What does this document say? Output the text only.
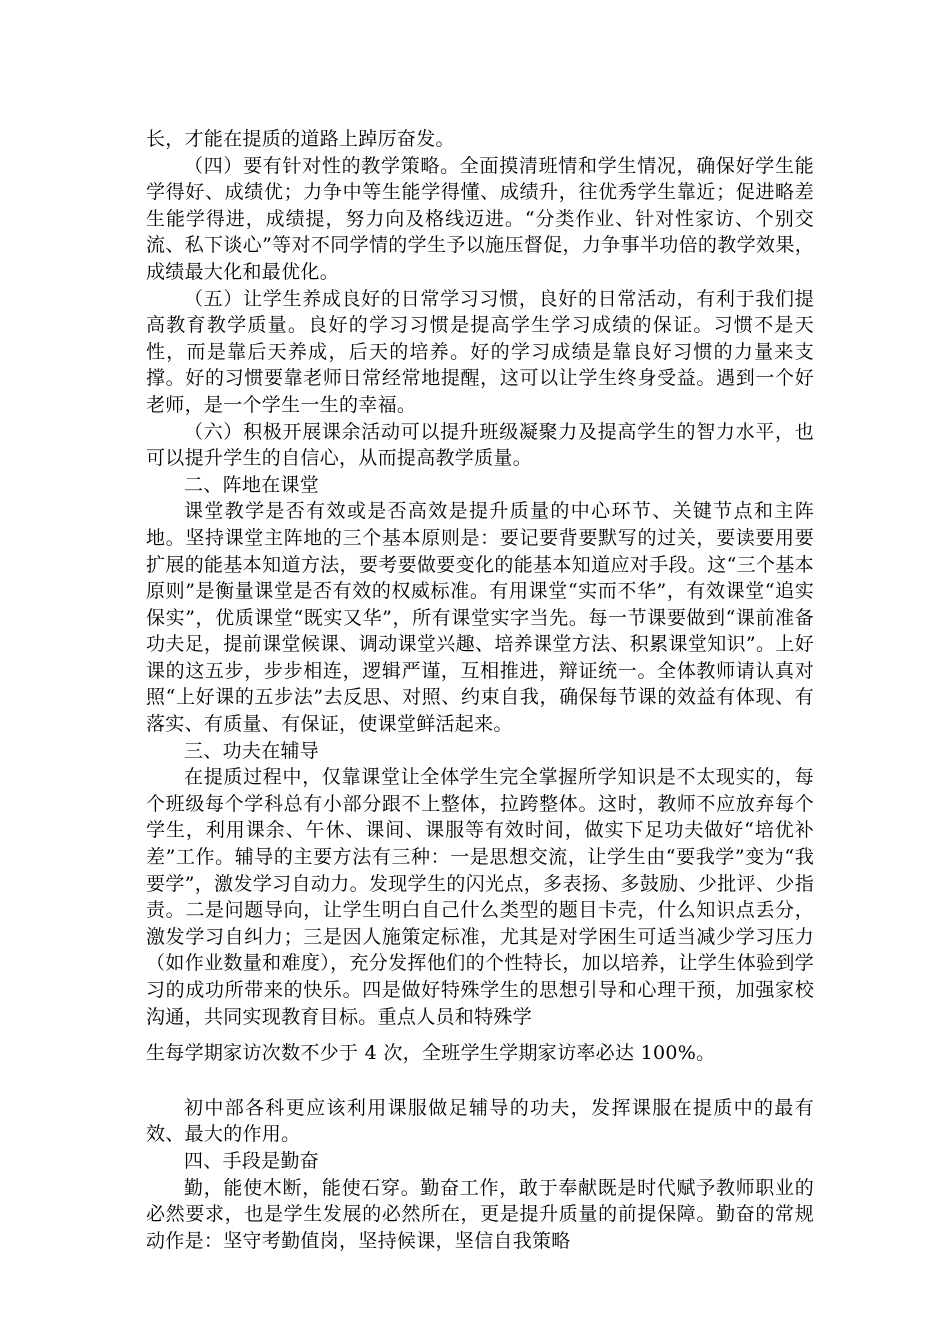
长，才能在提质的道路上踔厉奋发。

（四）要有针对性的教学策略。全面摸清班情和学生情况，确保好学生能学得好、成绩优；力争中等生能学得懂、成绩升，往优秀学生靠近；促进略差生能学得进，成绩提，努力向及格线迈进。“分类作业、针对性家访、个别交流、私下谈心”等对不同学情的学生予以施压督促，力争事半功倍的教学效果，成绩最大化和最优化。

（五）让学生养成良好的日常学习习惯，良好的日常活动，有利于我们提高教育教学质量。良好的学习习惯是提高学生学习成绩的保证。习惯不是天性，而是靠后天养成，后天的培养。好的学习成绩是靠良好习惯的力量来支撑。好的习惯要靠老师日常经常地提醒，这可以让学生终身受益。遇到一个好老师，是一个学生一生的幸福。

（六）积极开展课余活动可以提升班级凝聚力及提高学生的智力水平，也可以提升学生的自信心，从而提高教学质量。

二、阵地在课堂

课堂教学是否有效或是否高效是提升质量的中心环节、关键节点和主阵地。坚持课堂主阵地的三个基本原则是：要记要背要默写的过关，要读要用要扩展的能基本知道方法，要考要做要变化的能基本知道应对手段。这“三个基本原则”是衡量课堂是否有效的权威标准。有用课堂“实而不华”，有效课堂“追实保实”，优质课堂“既实又华”，所有课堂实字当先。每一节课要做到“课前准备功夫足，提前课堂候课、调动课堂兴趣、培养课堂方法、积累课堂知识”。上好课的这五步，步步相连，逻辑严谨，互相推进，辩证统一。全体教师请认真对照“上好课的五步法”去反思、对照、约束自我，确保每节课的效益有体现、有落实、有质量、有保证，使课堂鲜活起来。

三、功夫在辅导

在提质过程中，仅靠课堂让全体学生完全掌握所学知识是不太现实的，每个班级每个学科总有小部分跟不上整体，拉跨整体。这时，教师不应放弃每个学生，利用课余、午休、课间、课服等有效时间，做实下足功夫做好“培优补差”工作。辅导的主要方法有三种：一是思想交流，让学生由“要我学”变为“我要学”，激发学习自动力。发现学生的闪光点，多表扬、多鼓励、少批评、少指责。二是问题导向，让学生明白自己什么类型的题目卡壳，什么知识点丢分，激发学习自纠力；三是因人施策定标准，尤其是对学困生可适当减少学习压力（如作业数量和难度），充分发挥他们的个性特长，加以培养，让学生体验到学习的成功所带来的快乐。四是做好特殊学生的思想引导和心理干预，加强家校沟通，共同实现教育目标。重点人员和特殊学

生每学期家访次数不少于 4 次，全班学生学期家访率必达 100%。

初中部各科更应该利用课服做足辅导的功夫，发挥课服在提质中的最有效、最大的作用。

四、手段是勤奋

勤，能使木断，能使石穿。勤奋工作，敢于奉献既是时代赋予教师职业的必然要求，也是学生发展的必然所在，更是提升质量的前提保障。勤奋的常规动作是：坚守考勤值岗，坚持候课，坚信自我策略
